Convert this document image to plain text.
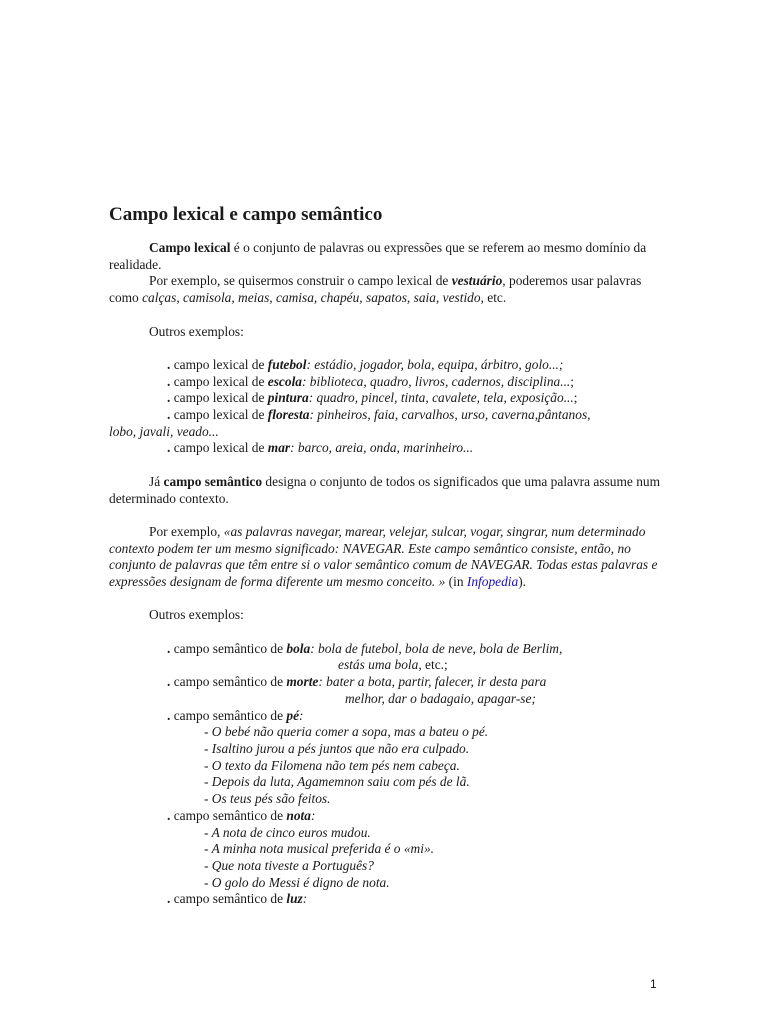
Campo lexical e campo semântico

Campo lexical é o conjunto de palavras ou expressões que se referem ao mesmo domínio da realidade.

Por exemplo, se quisermos construir o campo lexical de vestuário, poderemos usar palavras como calças, camisola, meias, camisa, chapéu, sapatos, saia, vestido, etc.

Outros exemplos:

. campo lexical de futebol: estádio, jogador, bola, equipa, árbitro, golo...;

. campo lexical de escola: biblioteca, quadro, livros, cadernos, disciplina...;

. campo lexical de pintura: quadro, pincel, tinta, cavalete, tela, exposição...;

. campo lexical de floresta: pinheiros, faia, carvalhos, urso, caverna,pântanos,

lobo, javali, veado...

. campo lexical de mar: barco, areia, onda, marinheiro...

Já campo semântico designa o conjunto de todos os significados que uma palavra assume num determinado contexto.

Por exemplo, «as palavras navegar, marear, velejar, sulcar, vogar, singrar, num determinado contexto podem ter um mesmo significado: NAVEGAR. Este campo semântico consiste, então, no conjunto de palavras que têm entre si o valor semântico comum de NAVEGAR. Todas estas palavras e expressões designam de forma diferente um mesmo conceito. » (in Infopedia).

Outros exemplos:

. campo semântico de bola: bola de futebol, bola de neve, bola de Berlim,

estás uma bola, etc.;

. campo semântico de morte: bater a bota, partir, falecer, ir desta para

melhor, dar o badagaio, apagar-se;

. campo semântico de pé:

- O bebé não queria comer a sopa, mas a bateu o pé.

- Isaltino jurou a pés juntos que não era culpado.

- O texto da Filomena não tem pés nem cabeça.

- Depois da luta, Agamemnon saiu com pés de lã.

- Os teus pés são feitos.

. campo semântico de nota:

- A nota de cinco euros mudou.

- A minha nota musical preferida é o «mi».

- Que nota tiveste a Português?

- O golo do Messi é digno de nota.

. campo semântico de luz:

1
